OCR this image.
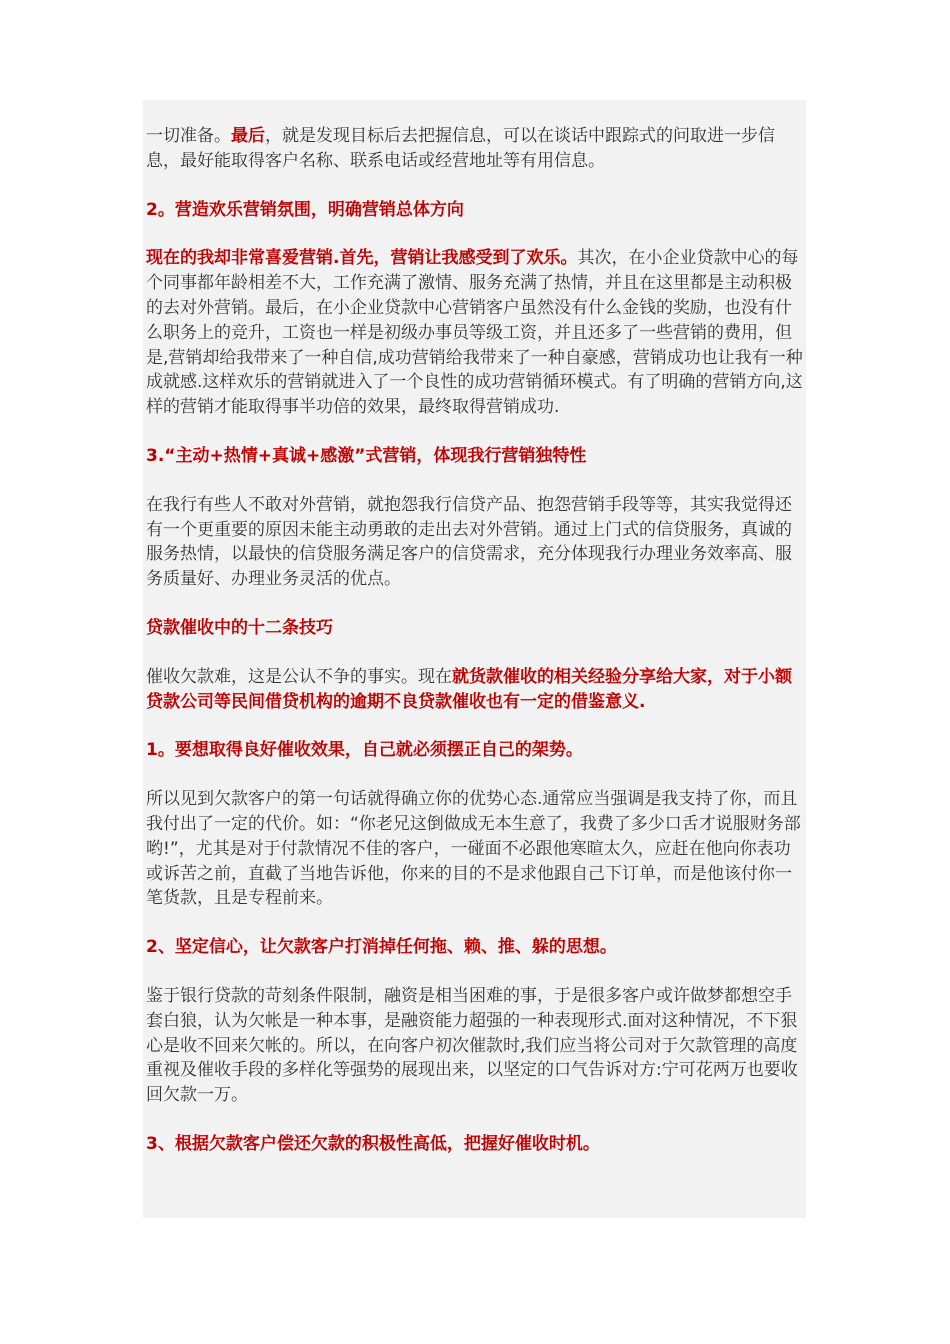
一切准备。最后，就是发现目标后去把握信息，可以在谈话中跟踪式的问取进一步信息，最好能取得客户名称、联系电话或经营地址等有用信息。

2。营造欢乐营销氛围，明确营销总体方向

现在的我却非常喜爱营销.首先，营销让我感受到了欢乐。其次，在小企业贷款中心的每个同事都年龄相差不大，工作充满了激情、服务充满了热情，并且在这里都是主动积极的去对外营销。最后，在小企业贷款中心营销客户虽然没有什么金钱的奖励，也没有什么职务上的竞升，工资也一样是初级办事员等级工资，并且还多了一些营销的费用，但是,营销却给我带来了一种自信,成功营销给我带来了一种自豪感，营销成功也让我有一种成就感.这样欢乐的营销就进入了一个良性的成功营销循环模式。有了明确的营销方向,这样的营销才能取得事半功倍的效果，最终取得营销成功.

3.“主动+热情+真诚+感激”式营销，体现我行营销独特性

在我行有些人不敢对外营销，就抱怨我行信贷产品、抱怨营销手段等等，其实我觉得还有一个更重要的原因未能主动勇敢的走出去对外营销。通过上门式的信贷服务，真诚的服务热情，以最快的信贷服务满足客户的信贷需求，充分体现我行办理业务效率高、服务质量好、办理业务灵活的优点。

贷款催收中的十二条技巧

催收欠款难，这是公认不争的事实。现在就货款催收的相关经验分享给大家，对于小额贷款公司等民间借贷机构的逾期不良贷款催收也有一定的借鉴意义.

1。要想取得良好催收效果，自己就必须摆正自己的架势。

所以见到欠款客户的第一句话就得确立你的优势心态.通常应当强调是我支持了你，而且我付出了一定的代价。如：“你老兄这倒做成无本生意了，我费了多少口舌才说服财务部哟!”，尤其是对于付款情况不佳的客户，一碰面不必跟他寒暄太久，应赶在他向你表功或诉苦之前，直截了当地告诉他，你来的目的不是求他跟自己下订单，而是他该付你一笔货款，且是专程前来。

2、坚定信心，让欠款客户打消掉任何拖、赖、推、躲的思想。

鉴于银行贷款的苛刻条件限制，融资是相当困难的事，于是很多客户或许做梦都想空手套白狼，认为欠帐是一种本事，是融资能力超强的一种表现形式.面对这种情况，不下狠心是收不回来欠帐的。所以，在向客户初次催款时,我们应当将公司对于欠款管理的高度重视及催收手段的多样化等强势的展现出来，以坚定的口气告诉对方:宁可花两万也要收回欠款一万。

3、根据欠款客户偿还欠款的积极性高低，把握好催收时机。
